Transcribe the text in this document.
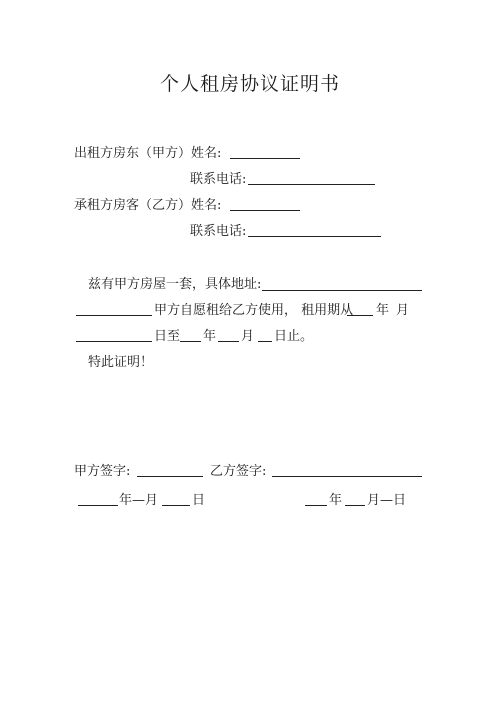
个人租房协议证明书
出租方房东（甲方）姓名:
联系电话:
承租方房客（乙方）姓名:
联系电话:
兹有甲方房屋一套，具体地址:
甲方自愿租给乙方使用， 租用期从 年 月
日至 年 月 日止。
特此证明！
甲方签字:	乙方签字:
年—月	日	年 月—日
